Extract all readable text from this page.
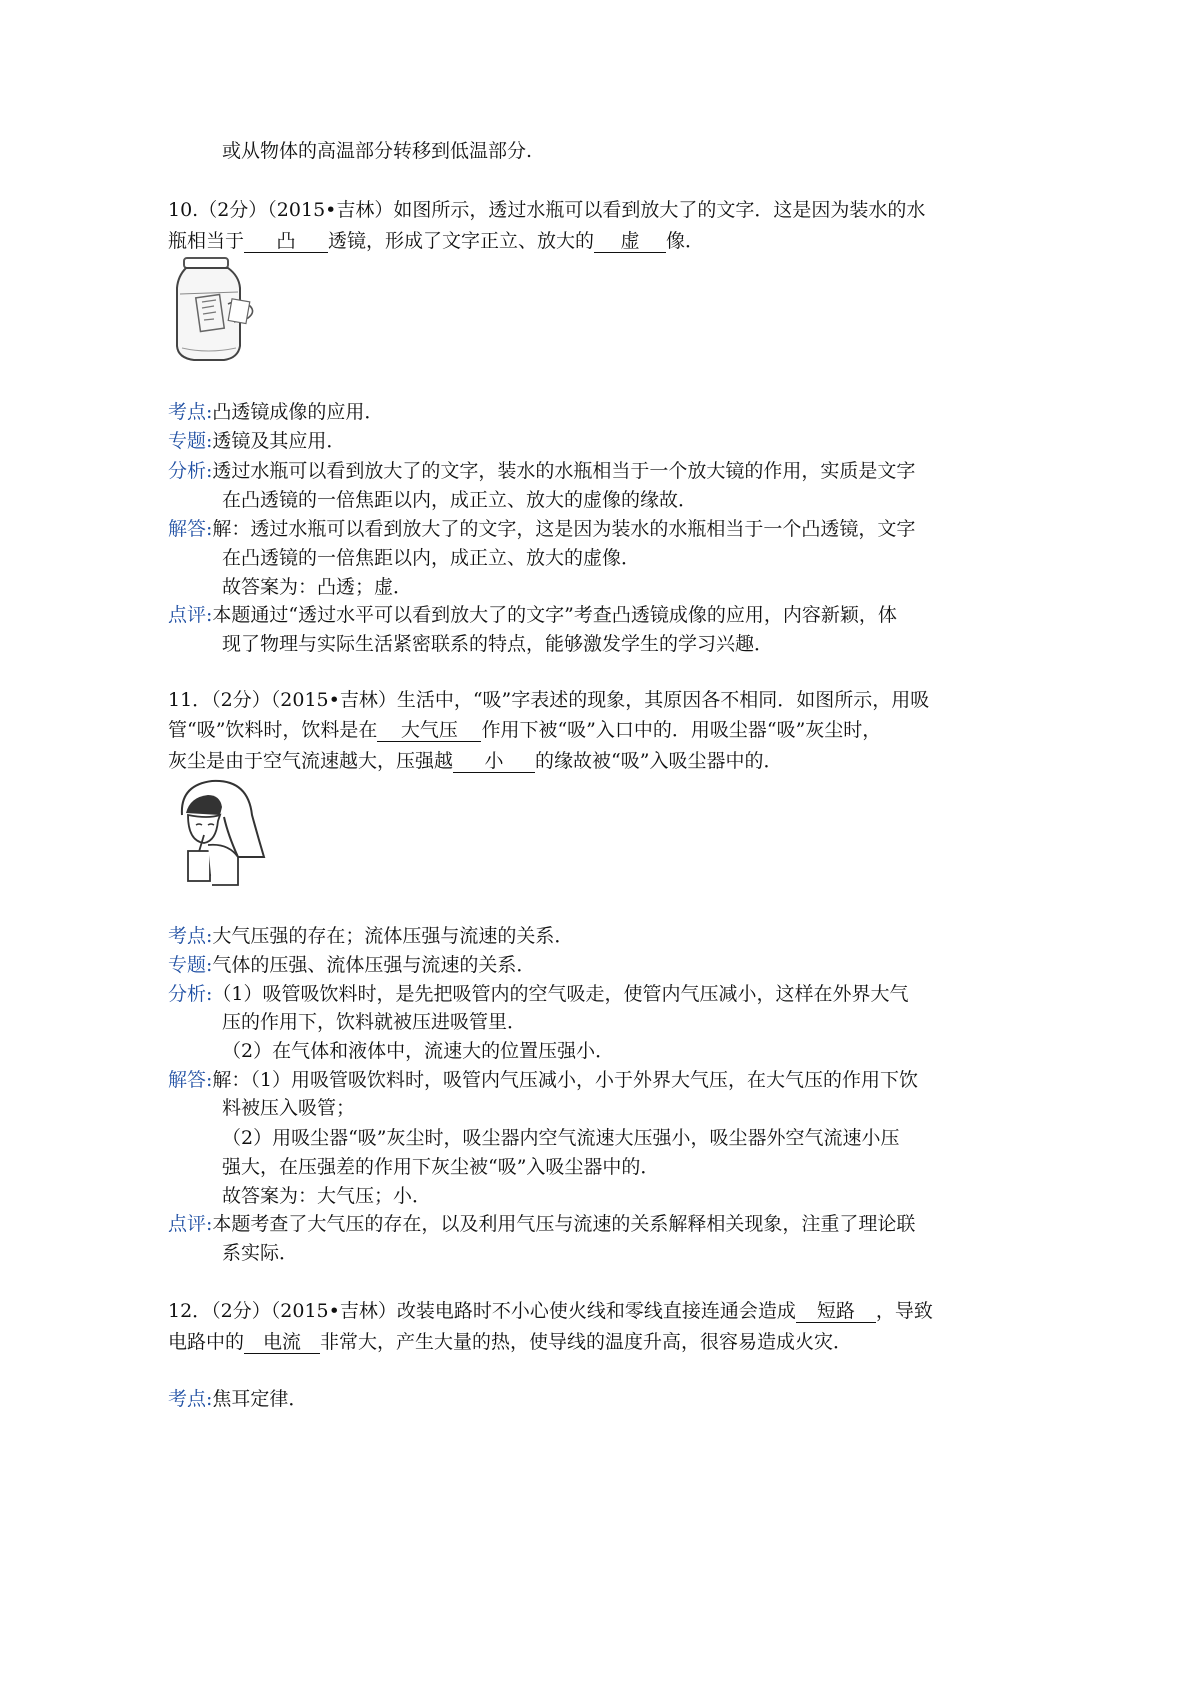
或从物体的高温部分转移到低温部分.
10.（2分）（2015•吉林）如图所示，透过水瓶可以看到放大了的文字．这是因为装水的水
瓶相当于 凸 透镜，形成了文字正立、放大的 虚 像．
考点:凸透镜成像的应用．
专题:透镜及其应用．
分析:透过水瓶可以看到放大了的文字，装水的水瓶相当于一个放大镜的作用，实质是文字
在凸透镜的一倍焦距以内，成正立、放大的虚像的缘故．
解答:解：透过水瓶可以看到放大了的文字，这是因为装水的水瓶相当于一个凸透镜，文字
在凸透镜的一倍焦距以内，成正立、放大的虚像．
故答案为：凸透；虚．
点评:本题通过“透过水平可以看到放大了的文字”考查凸透镜成像的应用，内容新颖，体
现了物理与实际生活紧密联系的特点，能够激发学生的学习兴趣．
11．（2分）（2015•吉林）生活中，“吸”字表述的现象，其原因各不相同．如图所示，用吸
管“吸”饮料时，饮料是在 大气压 作用下被“吸”入口中的．用吸尘器“吸”灰尘时，
灰尘是由于空气流速越大，压强越 小 的缘故被“吸”入吸尘器中的．
考点:大气压强的存在；流体压强与流速的关系．
专题:气体的压强、流体压强与流速的关系．
分析:（1）吸管吸饮料时，是先把吸管内的空气吸走，使管内气压减小，这样在外界大气
压的作用下，饮料就被压进吸管里．
（2）在气体和液体中，流速大的位置压强小．
解答:解：（1）用吸管吸饮料时，吸管内气压减小，小于外界大气压，在大气压的作用下饮
料被压入吸管；
（2）用吸尘器“吸”灰尘时，吸尘器内空气流速大压强小，吸尘器外空气流速小压
强大，在压强差的作用下灰尘被“吸”入吸尘器中的．
故答案为：大气压；小．
点评:本题考查了大气压的存在，以及利用气压与流速的关系解释相关现象，注重了理论联
系实际．
12．（2分）（2015•吉林）改装电路时不小心使火线和零线直接连通会造成 短路 ，导致
电路中的 电流 非常大，产生大量的热，使导线的温度升高，很容易造成火灾．
考点:焦耳定律．
